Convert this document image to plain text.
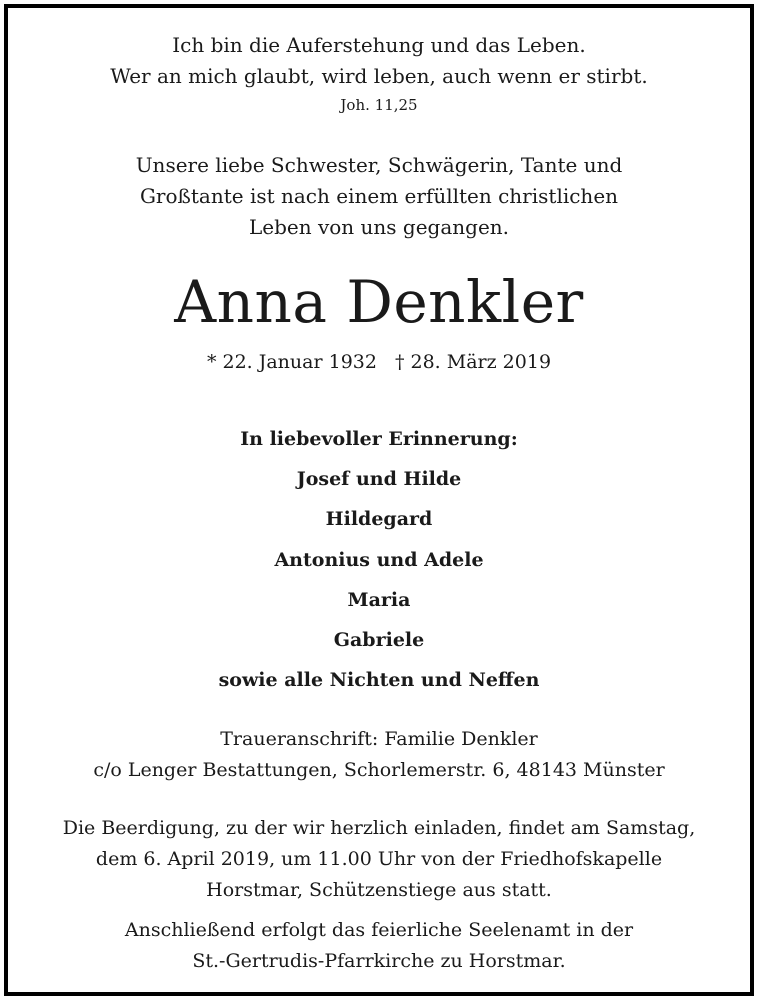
Ich bin die Auferstehung und das Leben.
Wer an mich glaubt, wird leben, auch wenn er stirbt.
Joh. 11,25
Unsere liebe Schwester, Schwägerin, Tante und
Großtante ist nach einem erfüllten christlichen
Leben von uns gegangen.
Anna Denkler
* 22. Januar 1932 † 28. März 2019
In liebevoller Erinnerung:
Josef und Hilde
Hildegard
Antonius und Adele
Maria
Gabriele
sowie alle Nichten und Neffen
Traueranschrift: Familie Denkler
c/o Lenger Bestattungen, Schorlemerstr. 6, 48143 Münster
Die Beerdigung, zu der wir herzlich einladen, findet am Samstag,
dem 6. April 2019, um 11.00 Uhr von der Friedhofskapelle
Horstmar, Schützenstiege aus statt.
Anschließend erfolgt das feierliche Seelenamt in der
St.-Gertrudis-Pfarrkirche zu Horstmar.
